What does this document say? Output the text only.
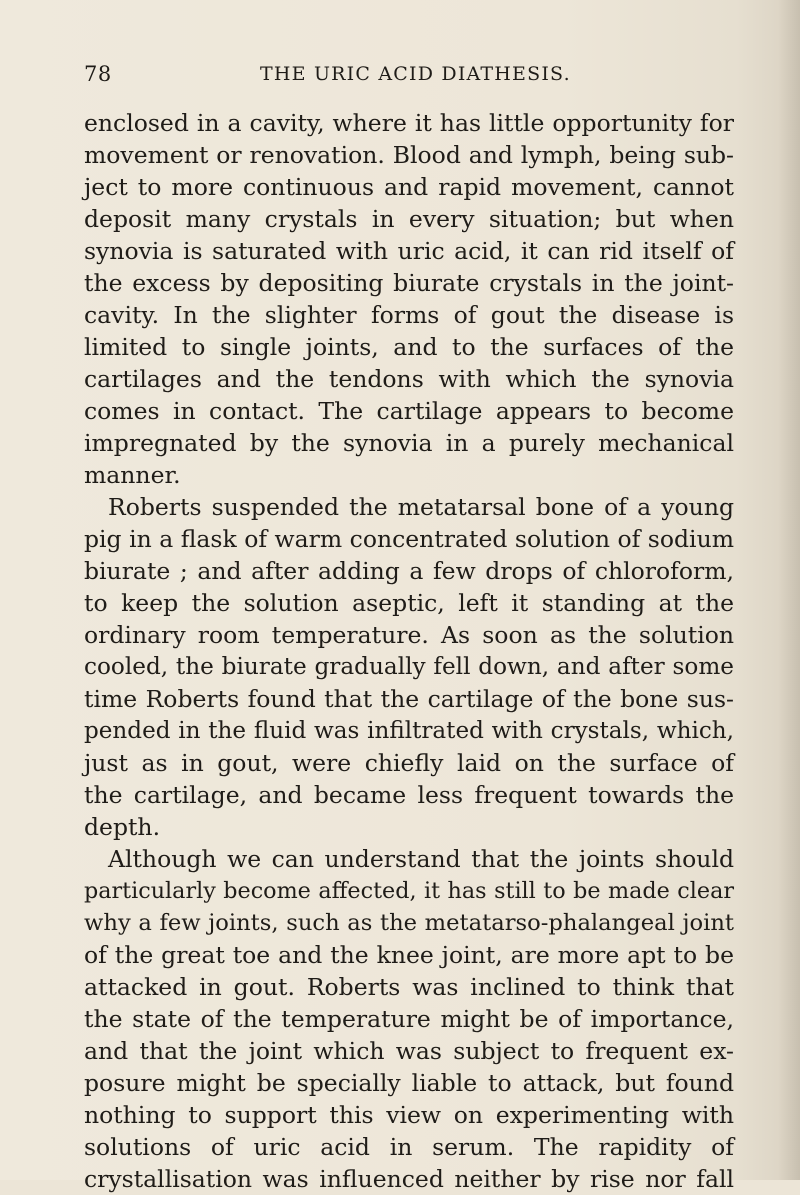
78	THE URIC ACID DIATHESIS.
enclosed in a cavity, where it has little opportunity for
movement or renovation. Blood and lymph, being sub-
ject to more continuous and rapid movement, cannot
deposit many crystals in every situation; but when
synovia is saturated with uric acid, it can rid itself of
the excess by depositing biurate crystals in the joint-
cavity. In the slighter forms of gout the disease is
limited to single joints, and to the surfaces of the
cartilages and the tendons with which the synovia
comes in contact. The cartilage appears to become
impregnated by the synovia in a purely mechanical
manner.
Roberts suspended the metatarsal bone of a young
pig in a flask of warm concentrated solution of sodium
biurate ; and after adding a few drops of chloroform,
to keep the solution aseptic, left it standing at the
ordinary room temperature. As soon as the solution
cooled, the biurate gradually fell down, and after some
time Roberts found that the cartilage of the bone sus-
pended in the fluid was infiltrated with crystals, which,
just as in gout, were chiefly laid on the surface of
the cartilage, and became less frequent towards the
depth.
Although we can understand that the joints should
particularly become affected, it has still to be made clear
why a few joints, such as the metatarso-phalangeal joint
of the great toe and the knee joint, are more apt to be
attacked in gout. Roberts was inclined to think that
the state of the temperature might be of importance,
and that the joint which was subject to frequent ex-
posure might be specially liable to attack, but found
nothing to support this view on experimenting with
solutions of uric acid in serum. The rapidity of
crystallisation was influenced neither by rise nor fall
